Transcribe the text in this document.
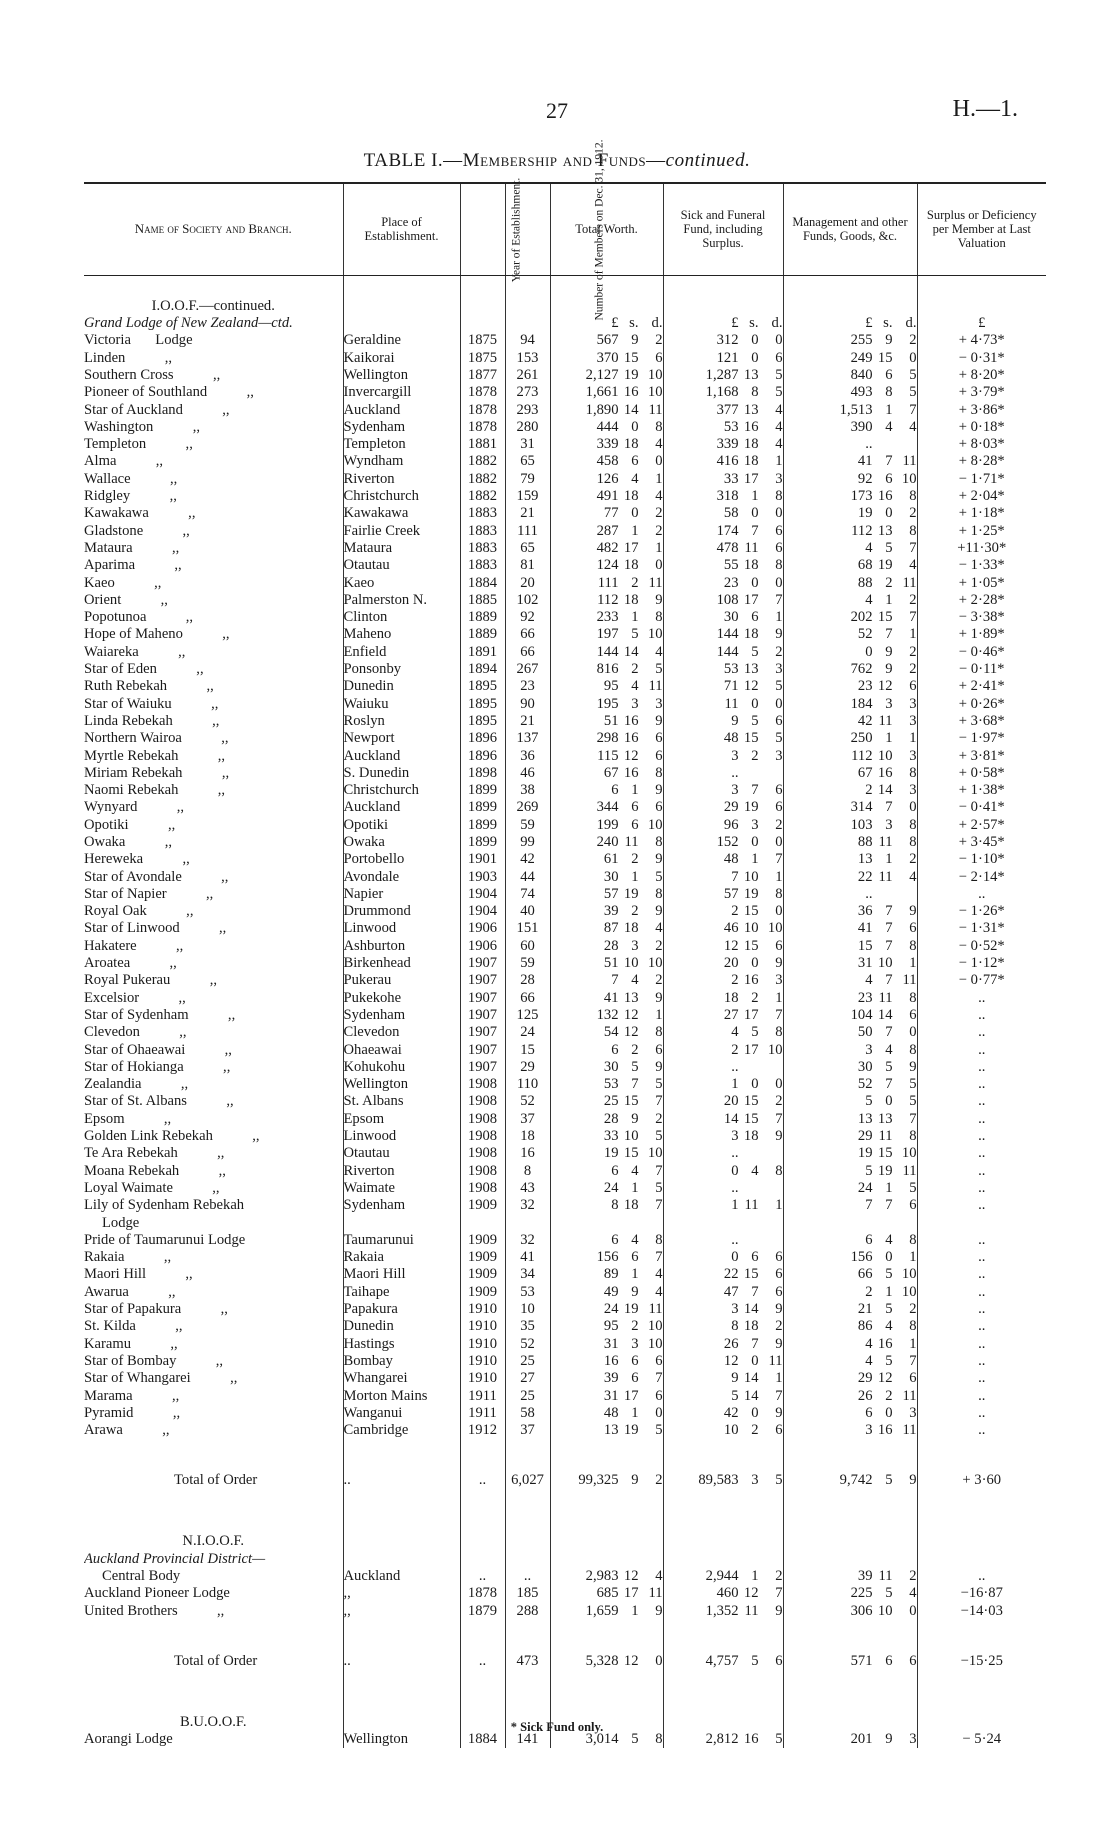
27	H.—1.
TABLE I.—Membership and Funds—continued.
Name of Society and Branch.	Place of Establishment.	Year of Establishment.	Number of Members on Dec. 31, 1912.	Total Worth.	Sick and Funeral Fund, including Surplus.	Management and other Funds, Goods, &c.	Surplus or Deficiency per Member at Last Valuation

I.O.O.F.—continued.							
Grand Lodge of New Zealand—ctd.				£ s. d.	£ s. d.	£ s. d.	£
Victoria Lodge	Geraldine	1875	94	567 9 2	312 0 0	255 9 2	+ 4·73*
Linden ,,	Kaikorai	1875	153	370 15 6	121 0 6	249 15 0	− 0·31*
Southern Cross ,,	Wellington	1877	261	2,127 19 10	1,287 13 5	840 6 5	+ 8·20*
Pioneer of Southland ,,	Invercargill	1878	273	1,661 16 10	1,168 8 5	493 8 5	+ 3·79*
Star of Auckland ,,	Auckland	1878	293	1,890 14 11	377 13 4	1,513 1 7	+ 3·86*
Washington ,,	Sydenham	1878	280	444 0 8	53 16 4	390 4 4	+ 0·18*
Templeton ,,	Templeton	1881	31	339 18 4	339 18 4	..	+ 8·03*
Alma ,,	Wyndham	1882	65	458 6 0	416 18 1	41 7 11	+ 8·28*
Wallace ,,	Riverton	1882	79	126 4 1	33 17 3	92 6 10	− 1·71*
Ridgley ,,	Christchurch	1882	159	491 18 4	318 1 8	173 16 8	+ 2·04*
Kawakawa ,,	Kawakawa	1883	21	77 0 2	58 0 0	19 0 2	+ 1·18*
Gladstone ,,	Fairlie Creek	1883	111	287 1 2	174 7 6	112 13 8	+ 1·25*
Mataura ,,	Mataura	1883	65	482 17 1	478 11 6	4 5 7	+11·30*
Aparima ,,	Otautau	1883	81	124 18 0	55 18 8	68 19 4	− 1·33*
Kaeo ,,	Kaeo	1884	20	111 2 11	23 0 0	88 2 11	+ 1·05*
Orient ,,	Palmerston N.	1885	102	112 18 9	108 17 7	4 1 2	+ 2·28*
Popotunoa ,,	Clinton	1889	92	233 1 8	30 6 1	202 15 7	− 3·38*
Hope of Maheno ,,	Maheno	1889	66	197 5 10	144 18 9	52 7 1	+ 1·89*
Waiareka ,,	Enfield	1891	66	144 14 4	144 5 2	0 9 2	− 0·46*
Star of Eden ,,	Ponsonby	1894	267	816 2 5	53 13 3	762 9 2	− 0·11*
Ruth Rebekah ,,	Dunedin	1895	23	95 4 11	71 12 5	23 12 6	+ 2·41*
Star of Waiuku ,,	Waiuku	1895	90	195 3 3	11 0 0	184 3 3	+ 0·26*
Linda Rebekah ,,	Roslyn	1895	21	51 16 9	9 5 6	42 11 3	+ 3·68*
Northern Wairoa ,,	Newport	1896	137	298 16 6	48 15 5	250 1 1	− 1·97*
Myrtle Rebekah ,,	Auckland	1896	36	115 12 6	3 2 3	112 10 3	+ 3·81*
Miriam Rebekah ,,	S. Dunedin	1898	46	67 16 8	..	67 16 8	+ 0·58*
Naomi Rebekah ,,	Christchurch	1899	38	6 1 9	3 7 6	2 14 3	+ 1·38*
Wynyard ,,	Auckland	1899	269	344 6 6	29 19 6	314 7 0	− 0·41*
Opotiki ,,	Opotiki	1899	59	199 6 10	96 3 2	103 3 8	+ 2·57*
Owaka ,,	Owaka	1899	99	240 11 8	152 0 0	88 11 8	+ 3·45*
Hereweka ,,	Portobello	1901	42	61 2 9	48 1 7	13 1 2	− 1·10*
Star of Avondale ,,	Avondale	1903	44	30 1 5	7 10 1	22 11 4	− 2·14*
Star of Napier ,,	Napier	1904	74	57 19 8	57 19 8	..	..
Royal Oak ,,	Drummond	1904	40	39 2 9	2 15 0	36 7 9	− 1·26*
Star of Linwood ,,	Linwood	1906	151	87 18 4	46 10 10	41 7 6	− 1·31*
Hakatere ,,	Ashburton	1906	60	28 3 2	12 15 6	15 7 8	− 0·52*
Aroatea ,,	Birkenhead	1907	59	51 10 10	20 0 9	31 10 1	− 1·12*
Royal Pukerau ,,	Pukerau	1907	28	7 4 2	2 16 3	4 7 11	− 0·77*
Excelsior ,,	Pukekohe	1907	66	41 13 9	18 2 1	23 11 8	..
Star of Sydenham ,,	Sydenham	1907	125	132 12 1	27 17 7	104 14 6	..
Clevedon ,,	Clevedon	1907	24	54 12 8	4 5 8	50 7 0	..
Star of Ohaeawai ,,	Ohaeawai	1907	15	6 2 6	2 17 10	3 4 8	..
Star of Hokianga ,,	Kohukohu	1907	29	30 5 9	..	30 5 9	..
Zealandia ,,	Wellington	1908	110	53 7 5	1 0 0	52 7 5	..
Star of St. Albans ,,	St. Albans	1908	52	25 15 7	20 15 2	5 0 5	..
Epsom ,,	Epsom	1908	37	28 9 2	14 15 7	13 13 7	..
Golden Link Rebekah ,,	Linwood	1908	18	33 10 5	3 18 9	29 11 8	..
Te Ara Rebekah ,,	Otautau	1908	16	19 15 10	..	19 15 10	..
Moana Rebekah ,,	Riverton	1908	8	6 4 7	0 4 8	5 19 11	..
Loyal Waimate ,,	Waimate	1908	43	24 1 5	..	24 1 5	..
Lily of Sydenham Rebekah	Sydenham	1909	32	8 18 7	1 11 1	7 7 6	..
Lodge							
Pride of Taumarunui Lodge	Taumarunui	1909	32	6 4 8	..	6 4 8	..
Rakaia ,,	Rakaia	1909	41	156 6 7	0 6 6	156 0 1	..
Maori Hill ,,	Maori Hill	1909	34	89 1 4	22 15 6	66 5 10	..
Awarua ,,	Taihape	1909	53	49 9 4	47 7 6	2 1 10	..
Star of Papakura ,,	Papakura	1910	10	24 19 11	3 14 9	21 5 2	..
St. Kilda ,,	Dunedin	1910	35	95 2 10	8 18 2	86 4 8	..
Karamu ,,	Hastings	1910	52	31 3 10	26 7 9	4 16 1	..
Star of Bombay ,,	Bombay	1910	25	16 6 6	12 0 11	4 5 7	..
Star of Whangarei ,,	Whangarei	1910	27	39 6 7	9 14 1	29 12 6	..
Marama ,,	Morton Mains	1911	25	31 17 6	5 14 7	26 2 11	..
Pyramid ,,	Wanganui	1911	58	48 1 0	42 0 9	6 0 3	..
Arawa ,,	Cambridge	1912	37	13 19 5	10 2 6	3 16 11	..

Total of Order	..	..	6,027	99,325 9 2	89,583 3 5	9,742 5 9	+ 3·60

N.I.O.O.F.							
Auckland Provincial District—							
Central Body	Auckland	..	..	2,983 12 4	2,944 1 2	39 11 2	..
Auckland Pioneer Lodge	,,	1878	185	685 17 11	460 12 7	225 5 4	−16·87
United Brothers ,,	,,	1879	288	1,659 1 9	1,352 11 9	306 10 0	−14·03

Total of Order	..	..	473	5,328 12 0	4,757 5 6	571 6 6	−15·25

B.U.O.O.F.							
Aorangi Lodge	Wellington	1884	141	3,014 5 8	2,812 16 5	201 9 3	− 5·24
* Sick Fund only.
